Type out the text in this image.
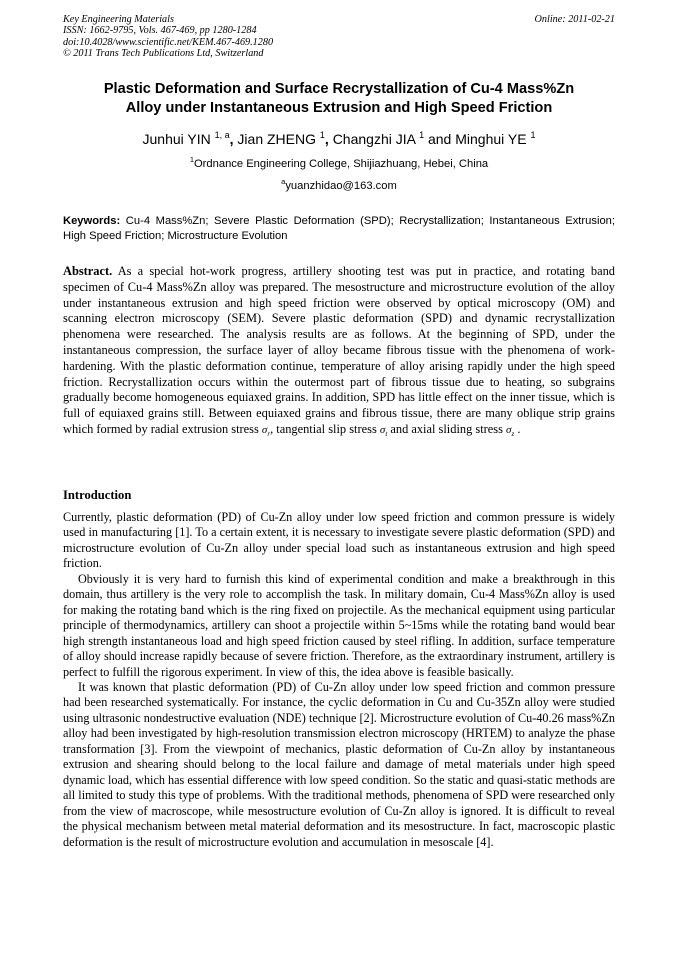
Key Engineering Materials
ISSN: 1662-9795, Vols. 467-469, pp 1280-1284
doi:10.4028/www.scientific.net/KEM.467-469.1280
© 2011 Trans Tech Publications Ltd, Switzerland
Online: 2011-02-21
Plastic Deformation and Surface Recrystallization of Cu-4 Mass%Zn
Alloy under Instantaneous Extrusion and High Speed Friction
Junhui YIN $^{1, a}$, Jian ZHENG $^1$, Changzhi JIA $^1$ and Minghui YE $^1$
$^1$Ordnance Engineering College, Shijiazhuang, Hebei, China
$^a$yuanzhidao@163.com
Keywords: Cu-4 Mass%Zn; Severe Plastic Deformation (SPD); Recrystallization; Instantaneous Extrusion; High Speed Friction; Microstructure Evolution
Abstract. As a special hot-work progress, artillery shooting test was put in practice, and rotating band specimen of Cu-4 Mass%Zn alloy was prepared. The mesostructure and microstructure evolution of the alloy under instantaneous extrusion and high speed friction were observed by optical microscopy (OM) and scanning electron microscopy (SEM). Severe plastic deformation (SPD) and dynamic recrystallization phenomena were researched. The analysis results are as follows. At the beginning of SPD, under the instantaneous compression, the surface layer of alloy became fibrous tissue with the phenomena of work-hardening. With the plastic deformation continue, temperature of alloy arising rapidly under the high speed friction. Recrystallization occurs within the outermost part of fibrous tissue due to heating, so subgrains gradually become homogeneous equiaxed grains. In addition, SPD has little effect on the inner tissue, which is full of equiaxed grains still. Between equiaxed grains and fibrous tissue, there are many oblique strip grains which formed by radial extrusion stress $\sigma_r$, tangential slip stress $\sigma_t$ and axial sliding stress $\sigma_z$ .
Introduction

Currently, plastic deformation (PD) of Cu-Zn alloy under low speed friction and common pressure is widely used in manufacturing [1]. To a certain extent, it is necessary to investigate severe plastic deformation (SPD) and microstructure evolution of Cu-Zn alloy under special load such as instantaneous extrusion and high speed friction.

Obviously it is very hard to furnish this kind of experimental condition and make a breakthrough in this domain, thus artillery is the very role to accomplish the task. In military domain, Cu-4 Mass%Zn alloy is used for making the rotating band which is the ring fixed on projectile. As the mechanical equipment using particular principle of thermodynamics, artillery can shoot a projectile within 5~15ms while the rotating band would bear high strength instantaneous load and high speed friction caused by steel rifling. In addition, surface temperature of alloy should increase rapidly because of severe friction. Therefore, as the extraordinary instrument, artillery is perfect to fulfill the rigorous experiment. In view of this, the idea above is feasible basically.

It was known that plastic deformation (PD) of Cu-Zn alloy under low speed friction and common pressure had been researched systematically. For instance, the cyclic deformation in Cu and Cu-35Zn alloy were studied using ultrasonic nondestructive evaluation (NDE) technique [2]. Microstructure evolution of Cu-40.26 mass%Zn alloy had been investigated by high-resolution transmission electron microscopy (HRTEM) to analyze the phase transformation [3]. From the viewpoint of mechanics, plastic deformation of Cu-Zn alloy by instantaneous extrusion and shearing should belong to the local failure and damage of metal materials under high speed dynamic load, which has essential difference with low speed condition. So the static and quasi-static methods are all limited to study this type of problems. With the traditional methods, phenomena of SPD were researched only from the view of macroscope, while mesostructure evolution of Cu-Zn alloy is ignored. It is difficult to reveal the physical mechanism between metal material deformation and its mesostructure. In fact, macroscopic plastic deformation is the result of microstructure evolution and accumulation in mesoscale [4].
